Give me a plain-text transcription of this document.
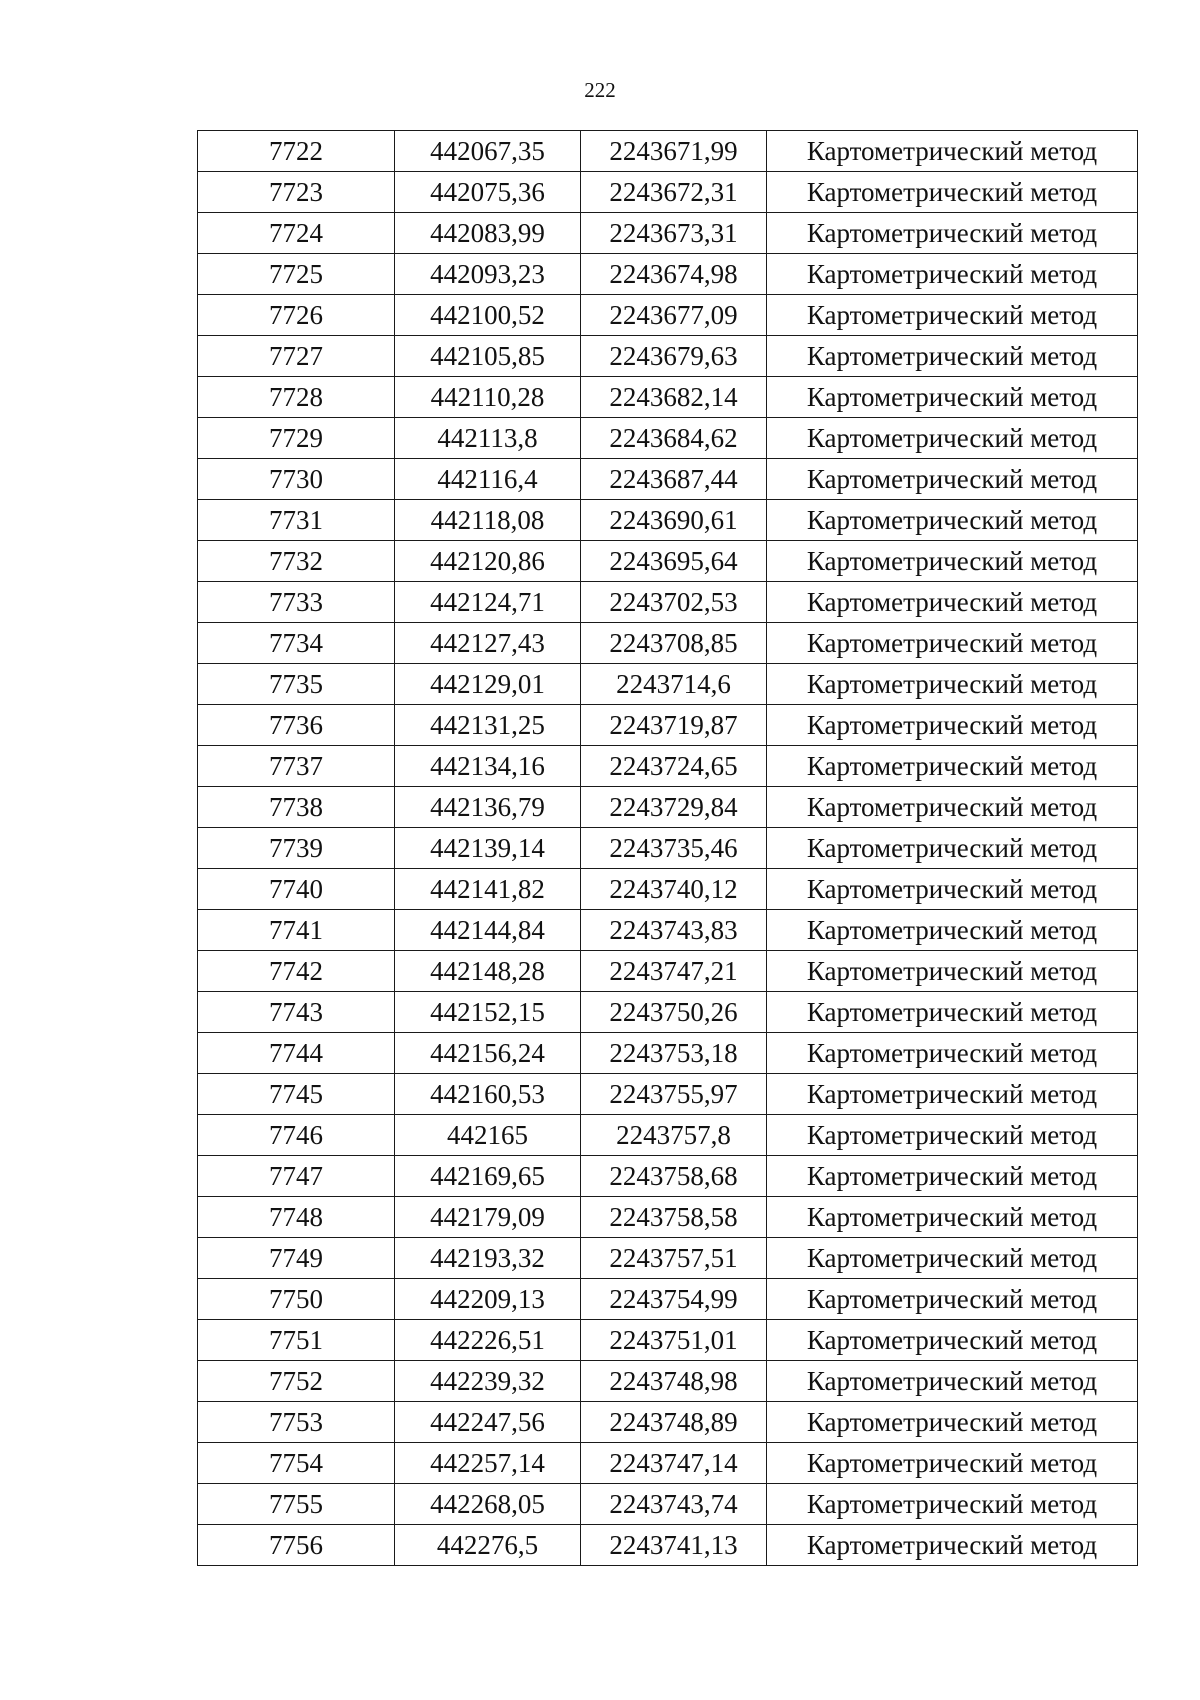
222
7722	442067,35	2243671,99	Картометрический метод
7723	442075,36	2243672,31	Картометрический метод
7724	442083,99	2243673,31	Картометрический метод
7725	442093,23	2243674,98	Картометрический метод
7726	442100,52	2243677,09	Картометрический метод
7727	442105,85	2243679,63	Картометрический метод
7728	442110,28	2243682,14	Картометрический метод
7729	442113,8	2243684,62	Картометрический метод
7730	442116,4	2243687,44	Картометрический метод
7731	442118,08	2243690,61	Картометрический метод
7732	442120,86	2243695,64	Картометрический метод
7733	442124,71	2243702,53	Картометрический метод
7734	442127,43	2243708,85	Картометрический метод
7735	442129,01	2243714,6	Картометрический метод
7736	442131,25	2243719,87	Картометрический метод
7737	442134,16	2243724,65	Картометрический метод
7738	442136,79	2243729,84	Картометрический метод
7739	442139,14	2243735,46	Картометрический метод
7740	442141,82	2243740,12	Картометрический метод
7741	442144,84	2243743,83	Картометрический метод
7742	442148,28	2243747,21	Картометрический метод
7743	442152,15	2243750,26	Картометрический метод
7744	442156,24	2243753,18	Картометрический метод
7745	442160,53	2243755,97	Картометрический метод
7746	442165	2243757,8	Картометрический метод
7747	442169,65	2243758,68	Картометрический метод
7748	442179,09	2243758,58	Картометрический метод
7749	442193,32	2243757,51	Картометрический метод
7750	442209,13	2243754,99	Картометрический метод
7751	442226,51	2243751,01	Картометрический метод
7752	442239,32	2243748,98	Картометрический метод
7753	442247,56	2243748,89	Картометрический метод
7754	442257,14	2243747,14	Картометрический метод
7755	442268,05	2243743,74	Картометрический метод
7756	442276,5	2243741,13	Картометрический метод
